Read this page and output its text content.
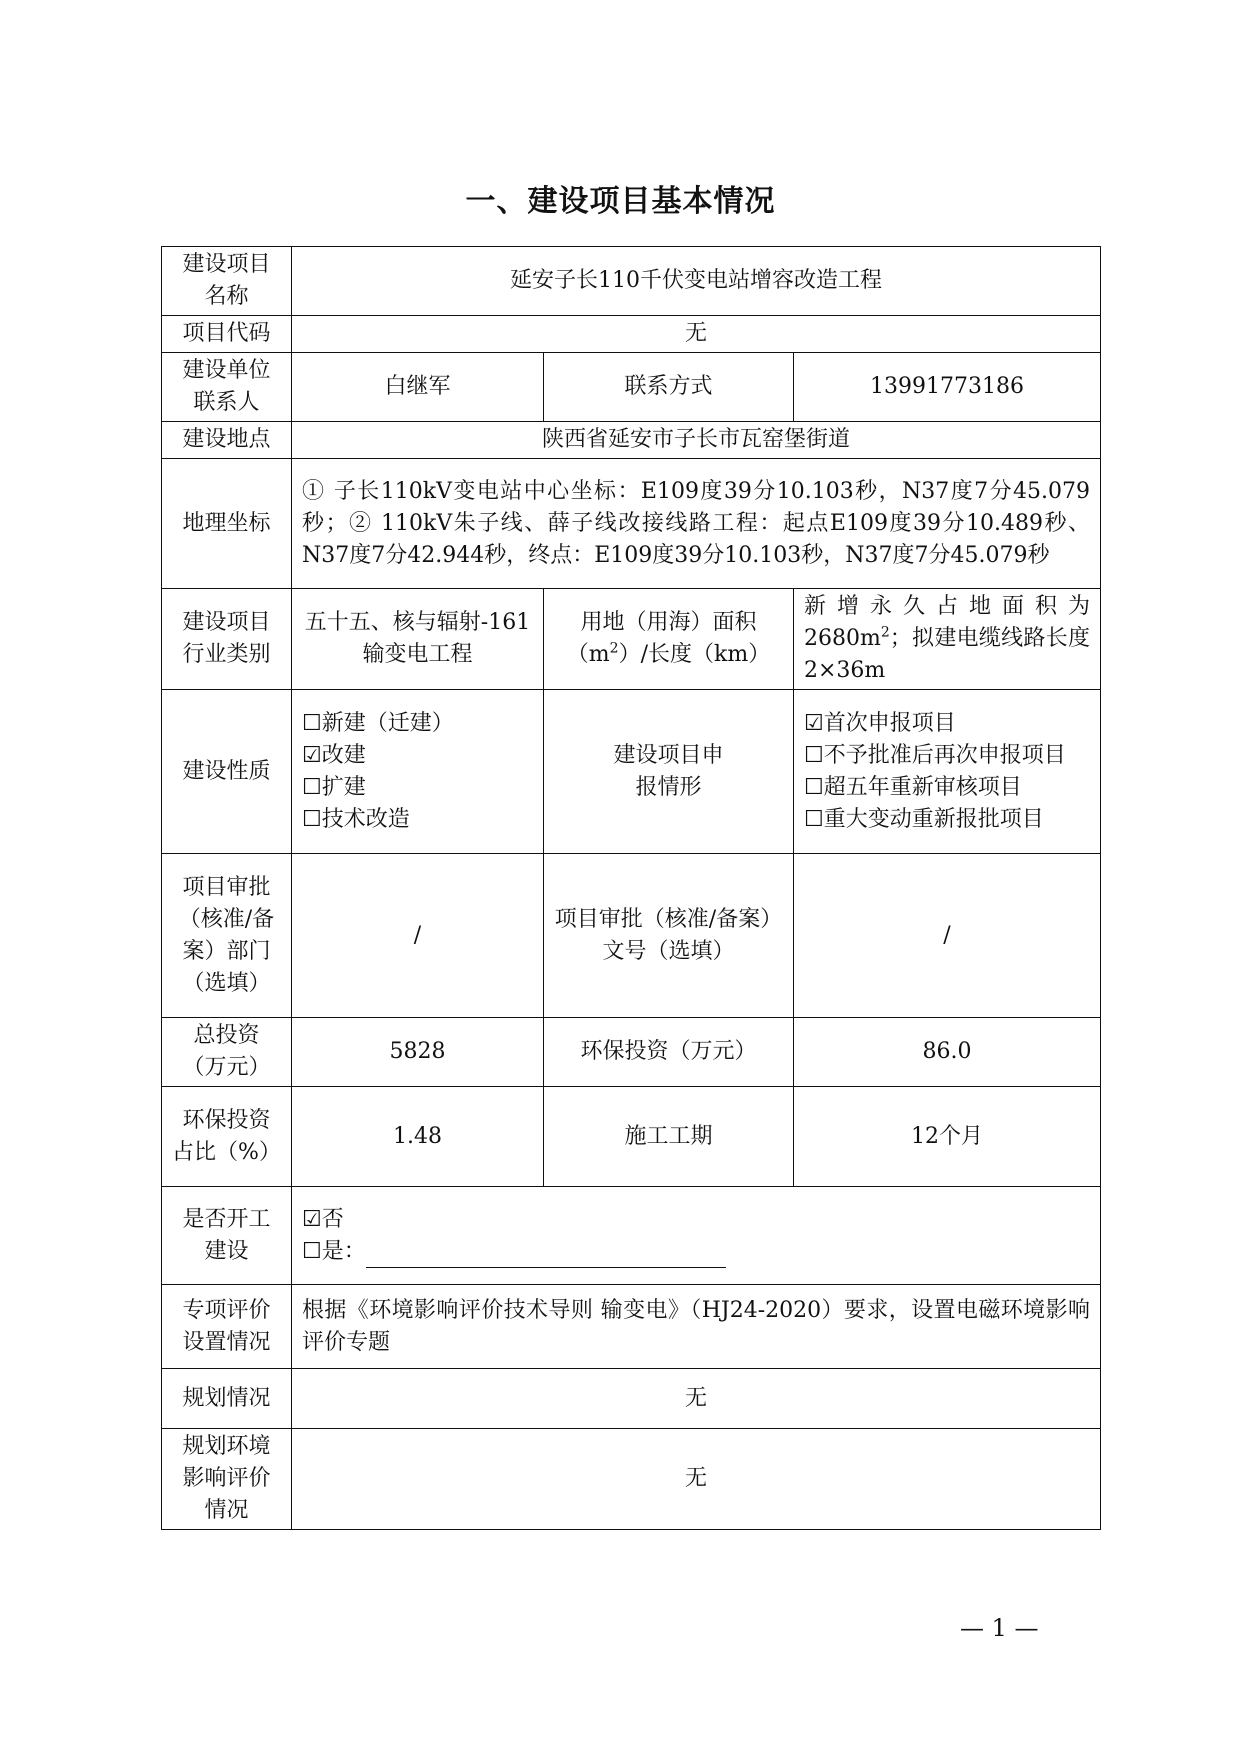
一、建设项目基本情况
建设项目名称	延安子长110千伏变电站增容改造工程		
项目代码	无		
建设单位联系人	白继军	联系方式	13991773186
建设地点	陕西省延安市子长市瓦窑堡街道		
地理坐标	① 子长110kV变电站中心坐标：E109度39分10.103秒，N37度7分45.079秒；② 110kV朱子线、薛子线改接线路工程：起点E109度39分10.489秒、N37度7分42.944秒，终点：E109度39分10.103秒，N37度7分45.079秒		
建设项目行业类别	五十五、核与辐射-161 输变电工程	用地（用海）面积$(m^2)/$长度（km）	新增永久占地面积为$2680m^2$；拟建电缆线路长度2×36m
建设性质	☐新建（迁建）
☑改建
☐扩建
☐技术改造	建设项目申报情形	☑首次申报项目
☐不予批准后再次申报项目
☐超五年重新审核项目
☐重大变动重新报批项目

项目审批（核准/备案）部门（选填）	/	项目审批（核准/备案）文号（选填）	/
总投资（万元）	5828	环保投资（万元）	86.0
环保投资占比（%）	1.48	施工工期	12个月
是否开工建设	☑否
☐是：		

专项评价设置情况	根据《环境影响评价技术导则 输变电》（HJ24-2020）要求，设置电磁环境影响评价专题		
规划情况	无		
规划环境影响评价情况	无		
— 1 —
